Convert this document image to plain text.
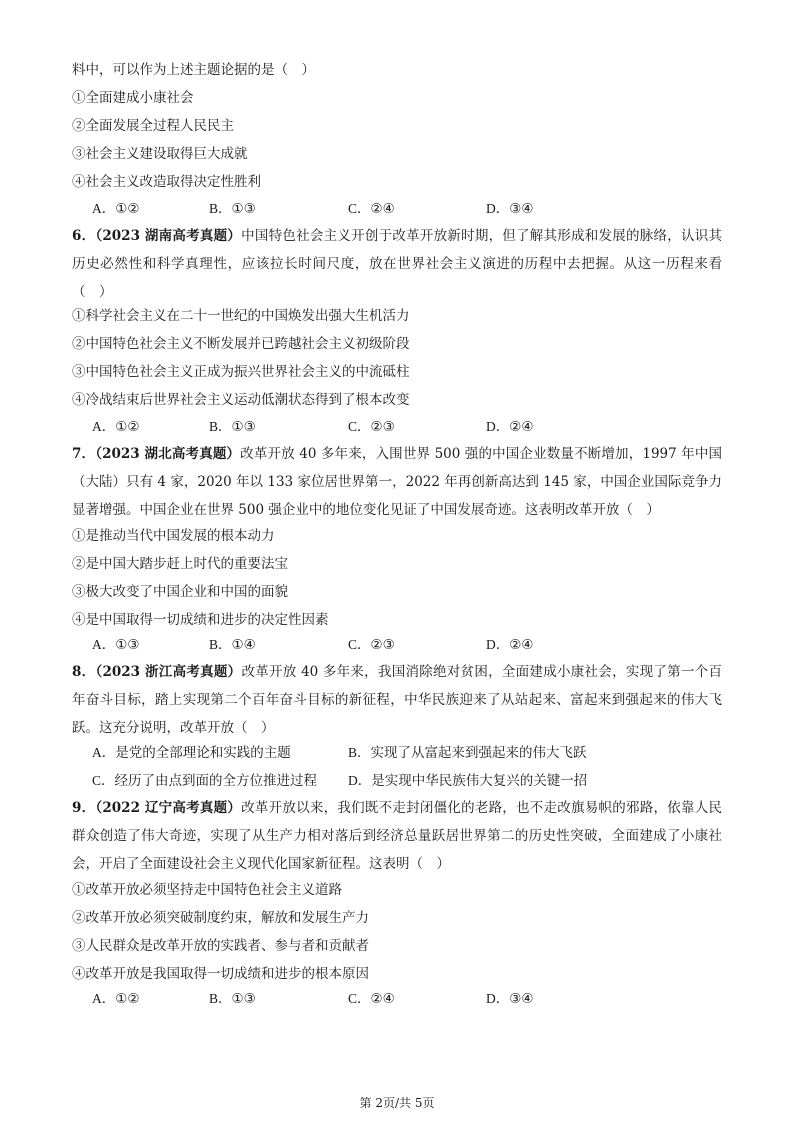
料中，可以作为上述主题论据的是（　）
①全面建成小康社会
②全面发展全过程人民民主
③社会主义建设取得巨大成就
④社会主义改造取得决定性胜利
A．①②	B．①③	C．②④	D．③④
6．（2023 湖南高考真题）中国特色社会主义开创于改革开放新时期，但了解其形成和发展的脉络，认识其历史必然性和科学真理性，应该拉长时间尺度，放在世界社会主义演进的历程中去把握。从这一历程来看（　）
①科学社会主义在二十一世纪的中国焕发出强大生机活力
②中国特色社会主义不断发展并已跨越社会主义初级阶段
③中国特色社会主义正成为振兴世界社会主义的中流砥柱
④冷战结束后世界社会主义运动低潮状态得到了根本改变
A．①②	B．①③	C．②③	D．②④
7．（2023 湖北高考真题）改革开放 40 多年来，入围世界 500 强的中国企业数量不断增加，1997 年中国（大陆）只有 4 家，2020 年以 133 家位居世界第一，2022 年再创新高达到 145 家，中国企业国际竞争力显著增强。中国企业在世界 500 强企业中的地位变化见证了中国发展奇迹。这表明改革开放（　）
①是推动当代中国发展的根本动力
②是中国大踏步赶上时代的重要法宝
③极大改变了中国企业和中国的面貌
④是中国取得一切成绩和进步的决定性因素
A．①③	B．①④	C．②③	D．②④
8．（2023 浙江高考真题）改革开放 40 多年来，我国消除绝对贫困，全面建成小康社会，实现了第一个百年奋斗目标，踏上实现第二个百年奋斗目标的新征程，中华民族迎来了从站起来、富起来到强起来的伟大飞跃。这充分说明，改革开放（　）
A．是党的全部理论和实践的主题	B．实现了从富起来到强起来的伟大飞跃
C．经历了由点到面的全方位推进过程 D．是实现中华民族伟大复兴的关键一招
9．（2022 辽宁高考真题）改革开放以来，我们既不走封闭僵化的老路，也不走改旗易帜的邪路，依靠人民群众创造了伟大奇迹，实现了从生产力相对落后到经济总量跃居世界第二的历史性突破，全面建成了小康社会，开启了全面建设社会主义现代化国家新征程。这表明（　）
①改革开放必须坚持走中国特色社会主义道路
②改革开放必须突破制度约束，解放和发展生产力
③人民群众是改革开放的实践者、参与者和贡献者
④改革开放是我国取得一切成绩和进步的根本原因
A．①②	B．①③	C．②④	D．③④
第 2页/共 5页
